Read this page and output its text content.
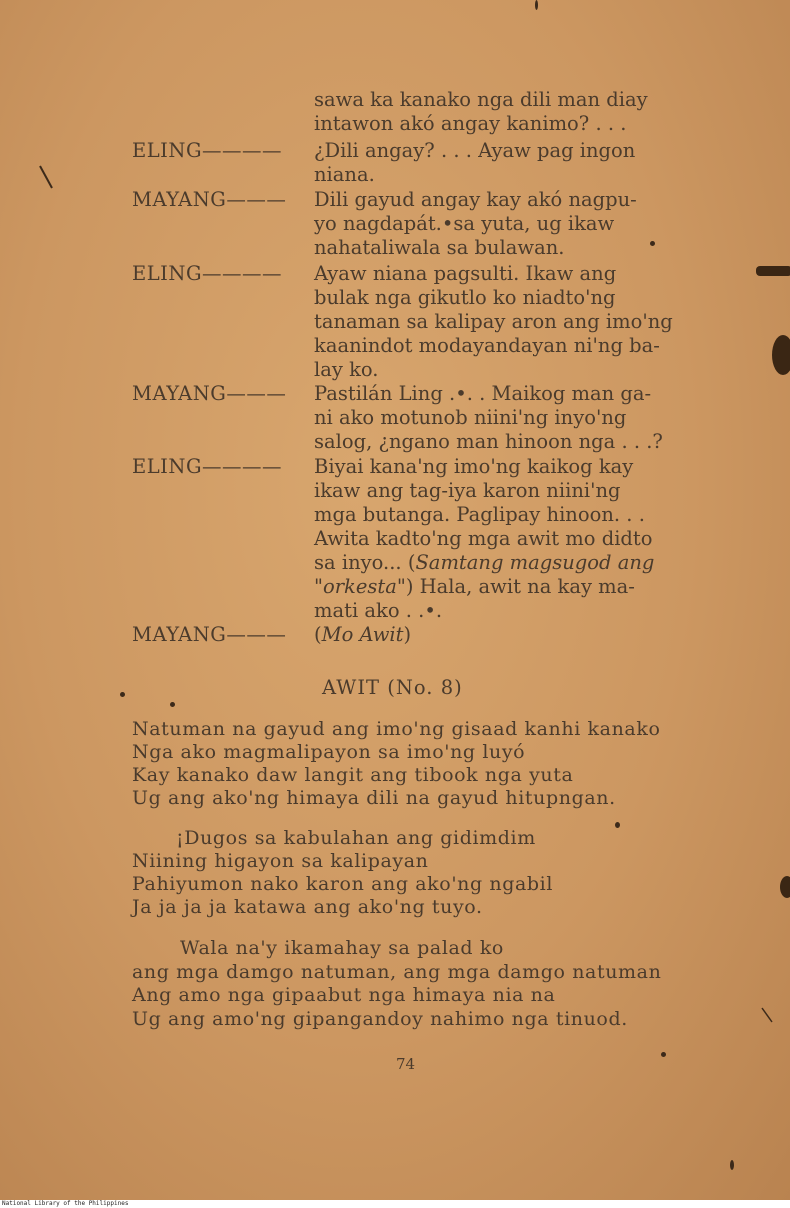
sawa ka kanako nga dili man diay
intawon akó angay kanimo? . . .
ELING———— ¿Dili angay? . . . Ayaw pag ingon
niana.
MAYANG——— Dili gayud angay kay akó nagpu-
yo nagdapát.•sa yuta, ug ikaw
nahataliwala sa bulawan.
ELING———— Ayaw niana pagsulti. Ikaw ang
bulak nga gikutlo ko niadto'ng
tanaman sa kalipay aron ang imo'ng
kaanindot modayandayan ni'ng ba-
lay ko.
MAYANG——— Pastilán Ling .•. . Maikog man ga-
ni ako motunob niini'ng inyo'ng
salog, ¿ngano man hinoon nga . . .?
ELING———— Biyai kana'ng imo'ng kaikog kay
ikaw ang tag-iya karon niini'ng
mga butanga. Paglipay hinoon. . .
Awita kadto'ng mga awit mo didto
sa inyo... (Samtang magsugod ang
"orkesta") Hala, awit na kay ma-
mati ako . .•.
MAYANG——— (Mo Awit)
AWIT (No. 8)
Natuman na gayud ang imo'ng gisaad kanhi kanako
Nga ako magmalipayon sa imo'ng luyó
Kay kanako daw langit ang tibook nga yuta
Ug ang ako'ng himaya dili na gayud hitupngan.
¡Dugos sa kabulahan ang gidimdim
Niining higayon sa kalipayan
Pahiyumon nako karon ang ako'ng ngabil
Ja ja ja ja katawa ang ako'ng tuyo.
Wala na'y ikamahay sa palad ko
ang mga damgo natuman, ang mga damgo natuman
Ang amo nga gipaabut nga himaya nia na
Ug ang amo'ng gipangandoy nahimo nga tinuod.
74
National Library of the Philippines
